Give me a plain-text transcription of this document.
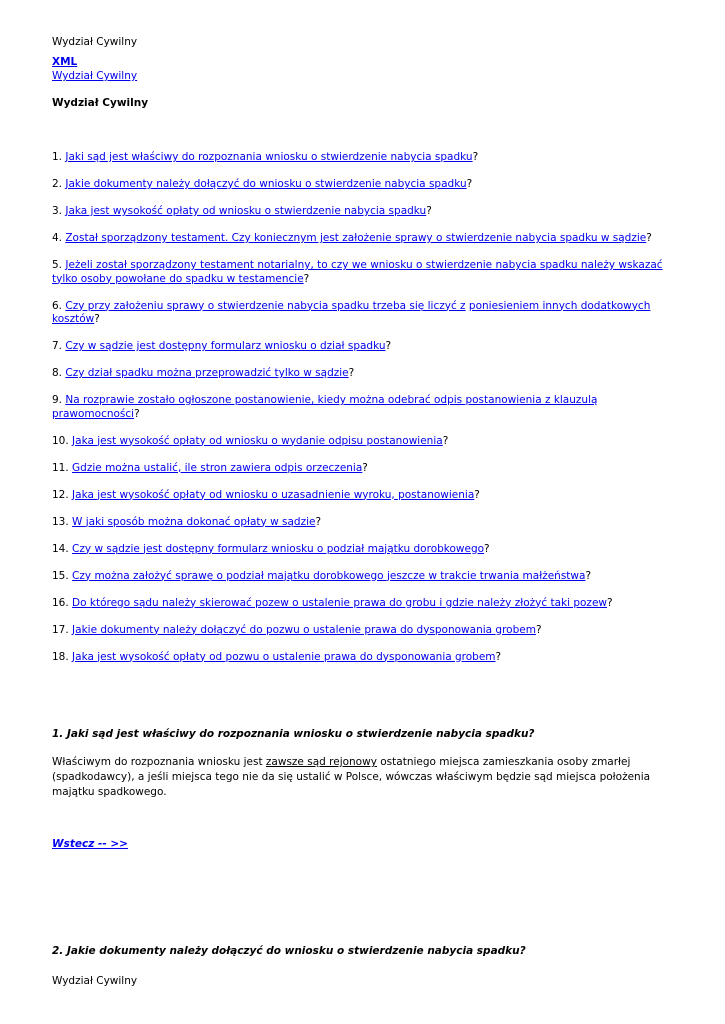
Wydział Cywilny
XML
Wydział Cywilny
Wydział Cywilny
1. Jaki sąd jest właściwy do rozpoznania wniosku o stwierdzenie nabycia spadku?
2. Jakie dokumenty należy dołączyć do wniosku o stwierdzenie nabycia spadku?
3. Jaka jest wysokość opłaty od wniosku o stwierdzenie nabycia spadku?
4. Został sporządzony testament. Czy koniecznym jest założenie sprawy o stwierdzenie nabycia spadku w sądzie?
5. Jeżeli został sporządzony testament notarialny, to czy we wniosku o stwierdzenie nabycia spadku należy wskazać tylko osoby powołane do spadku w testamencie?
6. Czy przy założeniu sprawy o stwierdzenie nabycia spadku trzeba się liczyć z poniesieniem innych dodatkowych kosztów?
7. Czy w sądzie jest dostępny formularz wniosku o dział spadku?
8. Czy dział spadku można przeprowadzić tylko w sądzie?
9. Na rozprawie zostało ogłoszone postanowienie, kiedy można odebrać odpis postanowienia z klauzulą prawomocności?
10. Jaka jest wysokość opłaty od wniosku o wydanie odpisu postanowienia?
11. Gdzie można ustalić, ile stron zawiera odpis orzeczenia?
12. Jaka jest wysokość opłaty od wniosku o uzasadnienie wyroku, postanowienia?
13. W jaki sposób można dokonać opłaty w sądzie?
14. Czy w sądzie jest dostępny formularz wniosku o podział majątku dorobkowego?
15. Czy można założyć sprawę o podział majątku dorobkowego jeszcze w trakcie trwania małżeństwa?
16. Do którego sądu należy skierować pozew o ustalenie prawa do grobu i gdzie należy złożyć taki pozew?
17. Jakie dokumenty należy dołączyć do pozwu o ustalenie prawa do dysponowania grobem?
18. Jaka jest wysokość opłaty od pozwu o ustalenie prawa do dysponowania grobem?
1. Jaki sąd jest właściwy do rozpoznania wniosku o stwierdzenie nabycia spadku?
Właściwym do rozpoznania wniosku jest zawsze sąd rejonowy ostatniego miejsca zamieszkania osoby zmarłej (spadkodawcy), a jeśli miejsca tego nie da się ustalić w Polsce, wówczas właściwym będzie sąd miejsca położenia majątku spadkowego.
Wstecz -- >>
2. Jakie dokumenty należy dołączyć do wniosku o stwierdzenie nabycia spadku?
Wydział Cywilny
